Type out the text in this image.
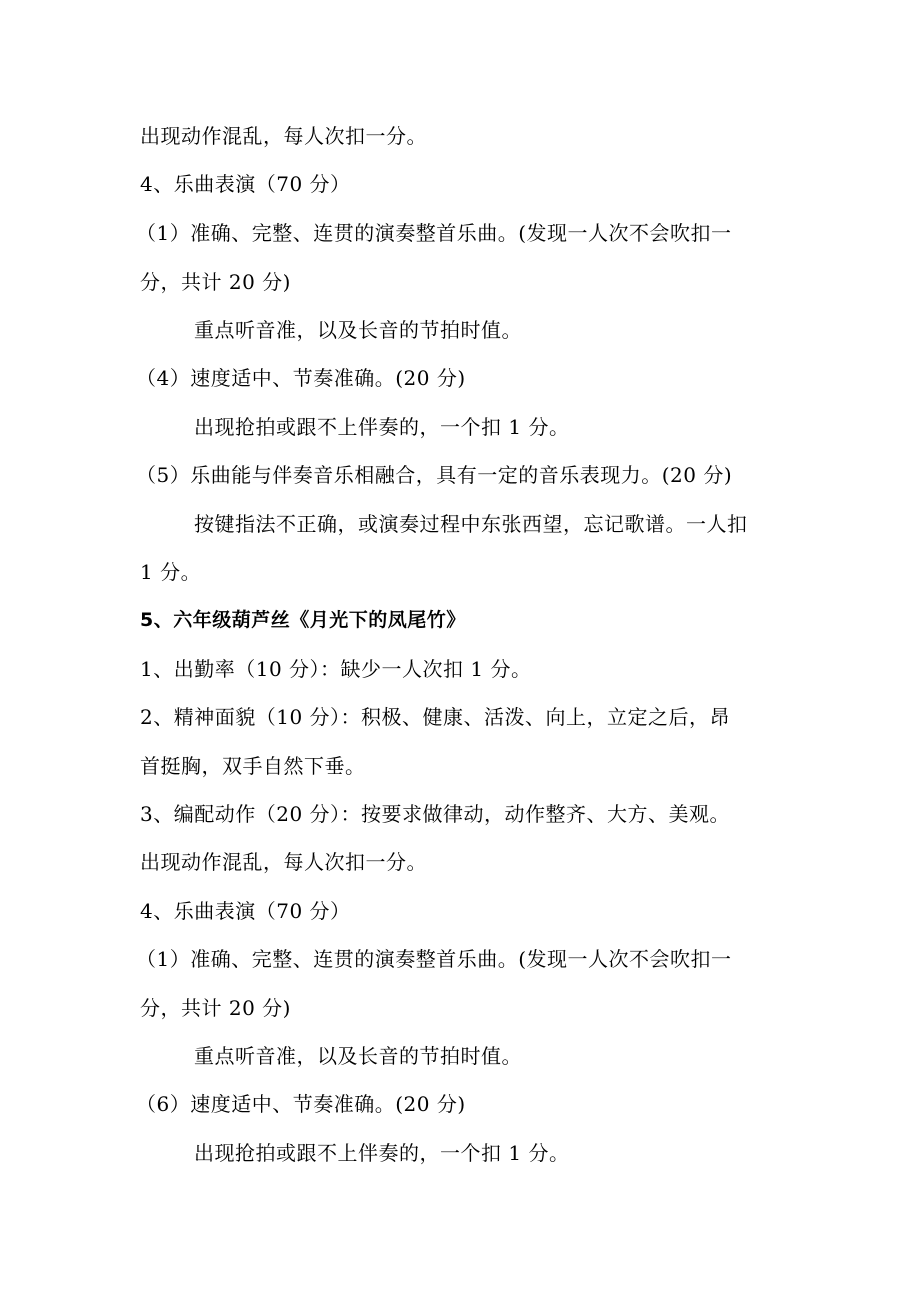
出现动作混乱，每人次扣一分。
4、乐曲表演（70 分）
（1）准确、完整、连贯的演奏整首乐曲。(发现一人次不会吹扣一
分，共计 20 分)
重点听音准，以及长音的节拍时值。
（4）速度适中、节奏准确。(20 分)
出现抢拍或跟不上伴奏的，一个扣 1 分。
（5）乐曲能与伴奏音乐相融合，具有一定的音乐表现力。(20 分)
按键指法不正确，或演奏过程中东张西望，忘记歌谱。一人扣
1 分。
5、六年级葫芦丝《月光下的凤尾竹》
1、出勤率（10 分）：缺少一人次扣 1 分。
2、精神面貌（10 分）：积极、健康、活泼、向上，立定之后，昂
首挺胸，双手自然下垂。
3、编配动作（20 分）：按要求做律动，动作整齐、大方、美观。
出现动作混乱，每人次扣一分。
4、乐曲表演（70 分）
（1）准确、完整、连贯的演奏整首乐曲。(发现一人次不会吹扣一
分，共计 20 分)
重点听音准，以及长音的节拍时值。
（6）速度适中、节奏准确。(20 分)
出现抢拍或跟不上伴奏的，一个扣 1 分。
